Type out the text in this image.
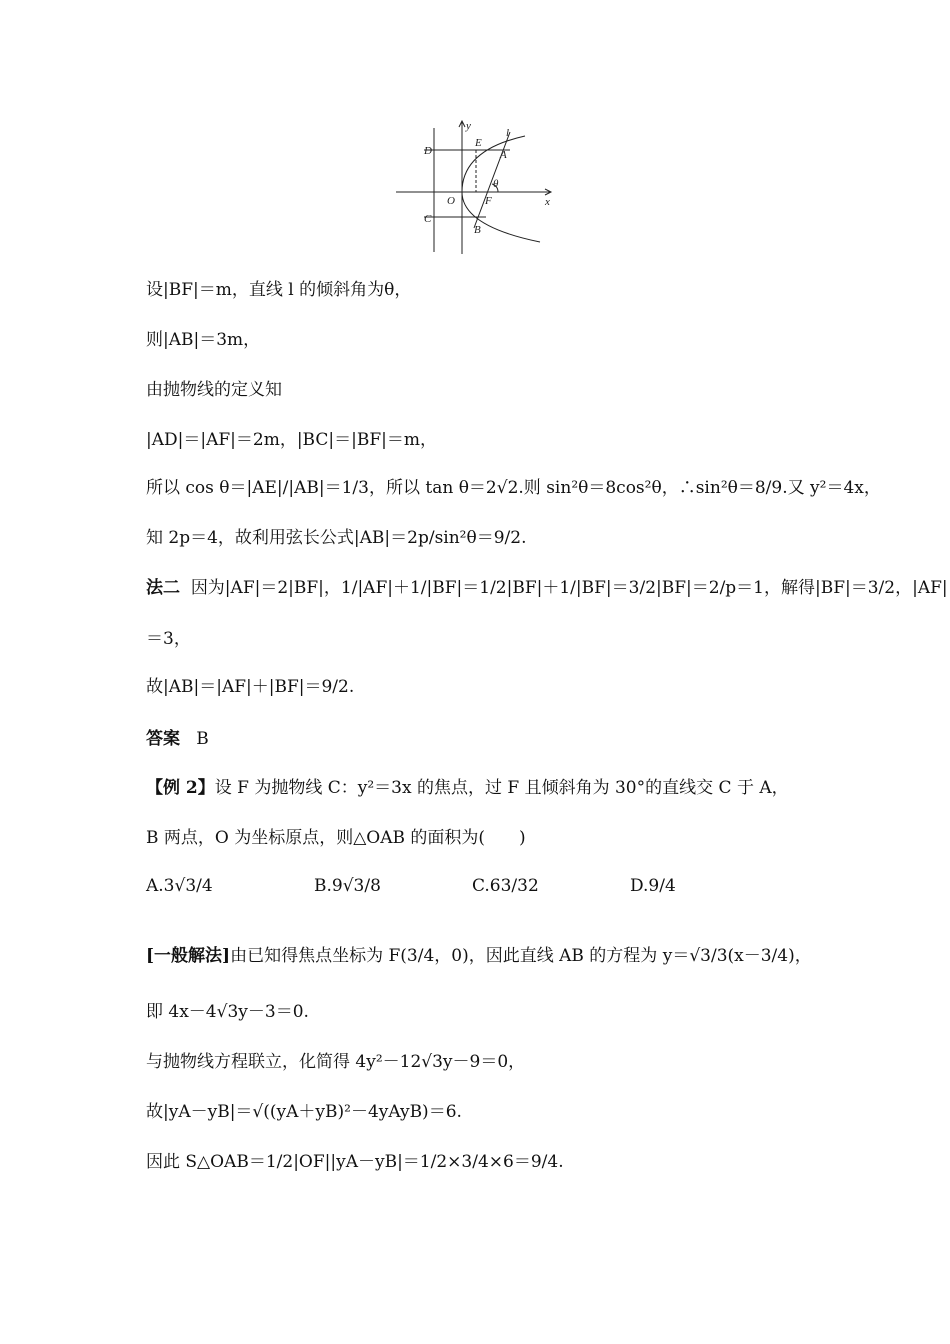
y
l
D
E
A
θ
O	F	x
C
B
设|BF|＝m，直线 l 的倾斜角为θ，
则|AB|＝3m，
由抛物线的定义知
|AD|＝|AF|＝2m，|BC|＝|BF|＝m，
所以 cos θ＝|AE|/|AB|＝1/3，所以 tan θ＝2√2.则 sin²θ＝8cos²θ，∴sin²θ＝8/9.又 y²＝4x，
知 2p＝4，故利用弦长公式|AB|＝2p/sin²θ＝9/2.
法二 因为|AF|＝2|BF|，1/|AF|＋1/|BF|＝1/2|BF|＋1/|BF|＝3/2|BF|＝2/p＝1，解得|BF|＝3/2，|AF|
＝3，
故|AB|＝|AF|＋|BF|＝9/2.
答案 B
【例 2】设 F 为抛物线 C：y²＝3x 的焦点，过 F 且倾斜角为 30°的直线交 C 于 A，
B 两点，O 为坐标原点，则△OAB 的面积为(　　)
A.3√3/4	B.9√3/8	C.63/32	D.9/4
[一般解法]由已知得焦点坐标为 F(3/4，0)，因此直线 AB 的方程为 y＝√3/3(x－3/4)，
即 4x－4√3y－3＝0.
与抛物线方程联立，化简得 4y²－12√3y－9＝0，
故|yA－yB|＝√((yA＋yB)²－4yAyB)＝6.
因此 S△OAB＝1/2|OF||yA－yB|＝1/2×3/4×6＝9/4.
